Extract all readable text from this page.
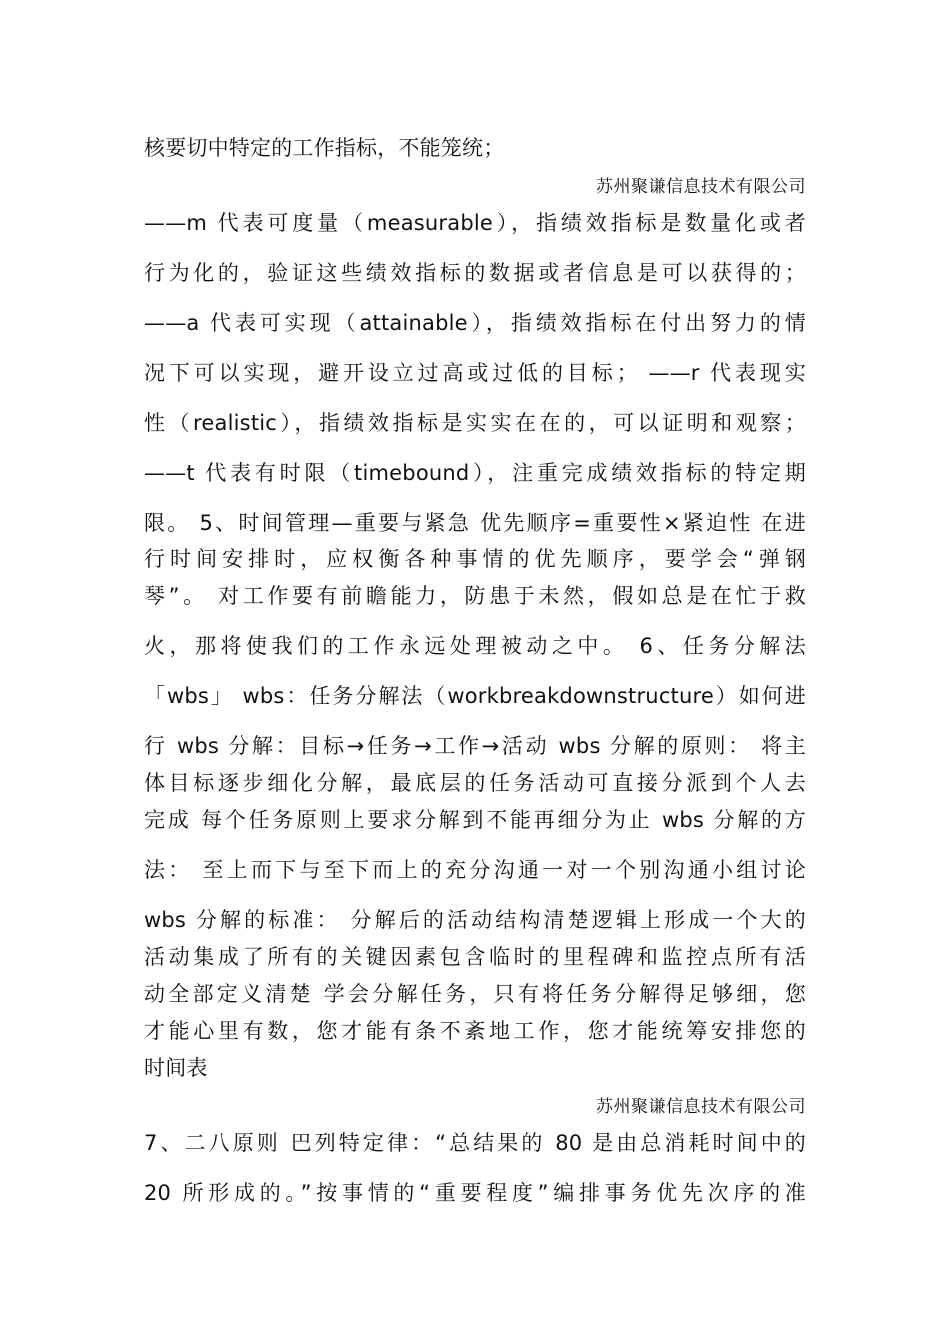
核要切中特定的工作指标，不能笼统；
苏州聚谦信息技术有限公司
——m 代表可度量（measurable），指绩效指标是数量化或者
行为化的，验证这些绩效指标的数据或者信息是可以获得的；
——a 代表可实现（attainable），指绩效指标在付出努力的情
况下可以实现，避开设立过高或过低的目标； ——r 代表现实
性（realistic），指绩效指标是实实在在的，可以证明和观察；
——t 代表有时限（timebound），注重完成绩效指标的特定期
限。 5、时间管理—重要与紧急 优先顺序=重要性×紧迫性 在进
行时间安排时，应权衡各种事情的优先顺序，要学会“弹钢
琴”。 对工作要有前瞻能力，防患于未然，假如总是在忙于救
火，那将使我们的工作永远处理被动之中。 6、任务分解法
「wbs」 wbs：任务分解法（workbreakdownstructure）如何进
行 wbs 分解：目标→任务→工作→活动 wbs 分解的原则： 将主
体目标逐步细化分解，最底层的任务活动可直接分派到个人去
完成 每个任务原则上要求分解到不能再细分为止 wbs 分解的方
法： 至上而下与至下而上的充分沟通一对一个别沟通小组讨论
wbs 分解的标准： 分解后的活动结构清楚逻辑上形成一个大的
活动集成了所有的关键因素包含临时的里程碑和监控点所有活
动全部定义清楚 学会分解任务，只有将任务分解得足够细，您
才能心里有数，您才能有条不紊地工作，您才能统筹安排您的
时间表
苏州聚谦信息技术有限公司
7、二八原则 巴列特定律：“总结果的 80 是由总消耗时间中的
20 所形成的。”按事情的“重要程度”编排事务优先次序的准
